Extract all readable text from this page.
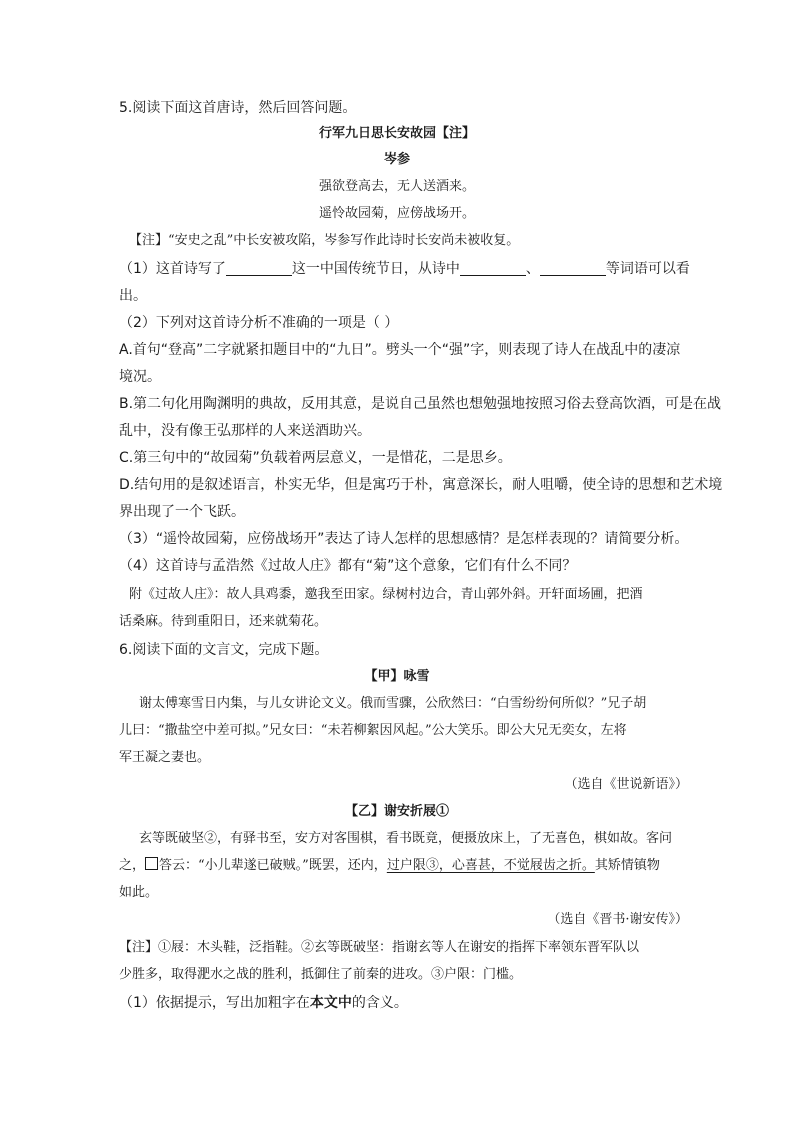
5.阅读下面这首唐诗，然后回答问题。
行军九日思长安故园【注】
岑参
强欲登高去，无人送酒来。
遥怜故园菊，应傍战场开。
【注】“安史之乱”中长安被攻陷，岑参写作此诗时长安尚未被收复。
（1）这首诗写了	这一中国传统节日，从诗中	、	等词语可以看
出。
（2）下列对这首诗分析不准确的一项是（ ）
A.首句“登高”二字就紧扣题目中的“九日”。劈头一个“强”字，则表现了诗人在战乱中的凄凉
境况。
B.第二句化用陶渊明的典故，反用其意，是说自己虽然也想勉强地按照习俗去登高饮酒，可是在战
乱中，没有像王弘那样的人来送酒助兴。
C.第三句中的“故园菊”负载着两层意义，一是惜花，二是思乡。
D.结句用的是叙述语言，朴实无华，但是寓巧于朴，寓意深长，耐人咀嚼，使全诗的思想和艺术境
界出现了一个飞跃。
（3）“遥怜故园菊，应傍战场开”表达了诗人怎样的思想感情？是怎样表现的？请简要分析。
（4）这首诗与孟浩然《过故人庄》都有“菊”这个意象，它们有什么不同？
附《过故人庄》：故人具鸡黍，邀我至田家。绿树村边合，青山郭外斜。开轩面场圃，把酒
话桑麻。待到重阳日，还来就菊花。
6.阅读下面的文言文，完成下题。
【甲】咏雪
谢太傅寒雪日内集，与儿女讲论文义。俄而雪骤，公欣然曰：“白雪纷纷何所似？”兄子胡
儿曰：“撒盐空中差可拟。”兄女曰：“未若柳絮因风起。”公大笑乐。即公大兄无奕女，左将
军王凝之妻也。
（选自《世说新语》）
【乙】谢安折屐①
玄等既破坚②，有驿书至，安方对客围棋，看书既竟，便摄放床上，了无喜色，棋如故。客问
之， 答云：“小儿辈遂已破贼。”既罢，还内，过户限③，心喜甚，不觉屐齿之折。其矫情镇物
如此。
（选自《晋书·谢安传》）
【注】①屐：木头鞋，泛指鞋。②玄等既破坚：指谢玄等人在谢安的指挥下率领东晋军队以
少胜多，取得淝水之战的胜利，抵御住了前秦的进攻。③户限：门槛。
（1）依据提示，写出加粗字在本文中的含义。
